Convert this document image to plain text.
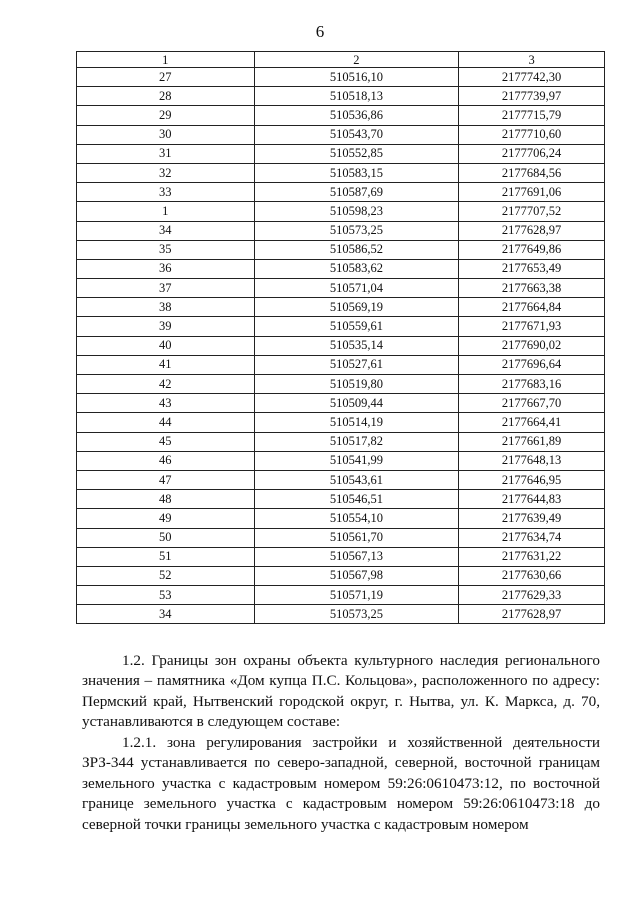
6
1	2	3
27	510516,10	2177742,30
28	510518,13	2177739,97
29	510536,86	2177715,79
30	510543,70	2177710,60
31	510552,85	2177706,24
32	510583,15	2177684,56
33	510587,69	2177691,06
1	510598,23	2177707,52
34	510573,25	2177628,97
35	510586,52	2177649,86
36	510583,62	2177653,49
37	510571,04	2177663,38
38	510569,19	2177664,84
39	510559,61	2177671,93
40	510535,14	2177690,02
41	510527,61	2177696,64
42	510519,80	2177683,16
43	510509,44	2177667,70
44	510514,19	2177664,41
45	510517,82	2177661,89
46	510541,99	2177648,13
47	510543,61	2177646,95
48	510546,51	2177644,83
49	510554,10	2177639,49
50	510561,70	2177634,74
51	510567,13	2177631,22
52	510567,98	2177630,66
53	510571,19	2177629,33
34	510573,25	2177628,97

1.2. Границы зон охраны объекта культурного наследия регионального значения – памятника «Дом купца П.С. Кольцова», расположенного по адресу: Пермский край, Нытвенский городской округ, г. Нытва, ул. К. Маркса, д. 70, устанавливаются в следующем составе:

1.2.1. зона регулирования застройки и хозяйственной деятельности ЗРЗ-344 устанавливается по северо-западной, северной, восточной границам земельного участка с кадастровым номером 59:26:0610473:12, по восточной границе земельного участка с кадастровым номером 59:26:0610473:18 до северной точки границы земельного участка с кадастровым номером
